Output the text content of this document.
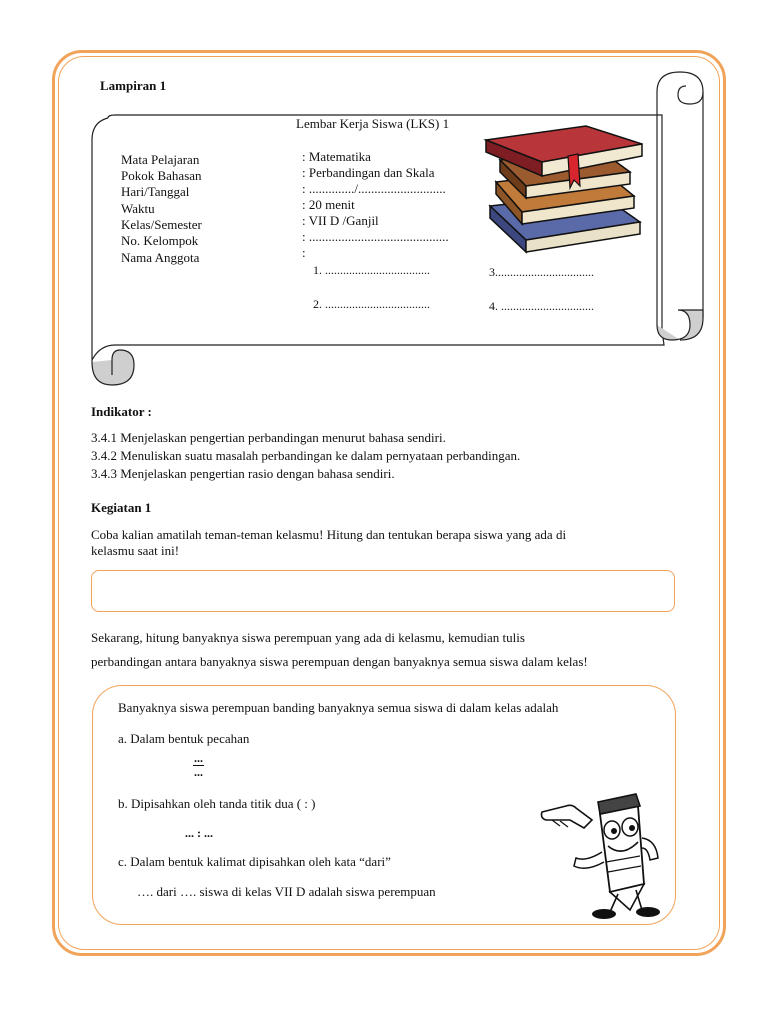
Lampiran 1
Lembar Kerja Siswa (LKS) 1
Mata Pelajaran
Pokok Bahasan
Hari/Tanggal
Waktu
Kelas/Semester
No. Kelompok
Nama Anggota
: Matematika
: Perbandingan dan Skala
: ............../...........................
: 20 menit
: VII D /Ganjil
: ...........................................
:
1. ...................................	3.................................
2. ...................................	4. ...............................
Indikator :
3.4.1 Menjelaskan pengertian perbandingan menurut bahasa sendiri.
3.4.2 Menuliskan suatu masalah perbandingan ke dalam pernyataan perbandingan.
3.4.3 Menjelaskan pengertian rasio dengan bahasa sendiri.
Kegiatan 1
Coba kalian amatilah teman-teman kelasmu! Hitung dan tentukan berapa siswa yang ada di
kelasmu saat ini!
Sekarang, hitung banyaknya siswa perempuan yang ada di kelasmu, kemudian tulis
perbandingan antara banyaknya siswa perempuan dengan banyaknya semua siswa dalam kelas!
Banyaknya siswa perempuan banding banyaknya semua siswa di dalam kelas adalah
a. Dalam bentuk pecahan
...
...
b. Dipisahkan oleh tanda titik dua ( : )
... : ...
c. Dalam bentuk kalimat dipisahkan oleh kata “dari”
…. dari …. siswa di kelas VII D adalah siswa perempuan
